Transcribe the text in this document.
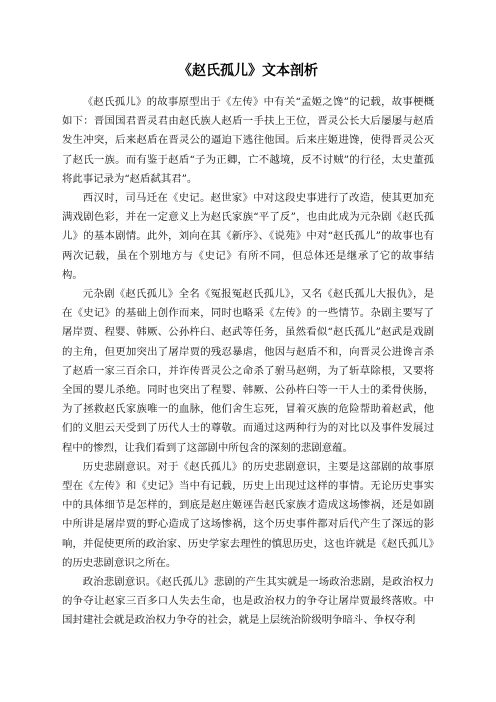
《赵氏孤儿》文本剖析

《赵氏孤儿》的故事原型出于《左传》中有关“孟姬之馋”的记载，故事梗概如下：晋国国君晋灵君由赵氏族人赵盾一手扶上王位，晋灵公长大后屡屡与赵盾发生冲突，后来赵盾在晋灵公的逼迫下逃往他国。后来庄姬进馋，使得晋灵公灭了赵氏一族。而有鉴于赵盾“子为正卿，亡不越境，反不讨贼”的行径，太史董孤将此事记录为“赵盾弑其君”。

西汉时，司马迁在《史记。赵世家》中对这段史事进行了改造，使其更加充满戏剧色彩，并在一定意义上为赵氏家族“平了反”，也由此成为元杂剧《赵氏孤儿》的基本剧情。此外，刘向在其《新序》、《说苑》中对“赵氏孤儿”的故事也有两次记载，虽在个别地方与《史记》有所不同，但总体还是继承了它的故事结构。

元杂剧《赵氏孤儿》全名《冤报冤赵氏孤儿》，又名《赵氏孤儿大报仇》，是在《史记》的基础上创作而来，同时也略采《左传》的一些情节。杂剧主要写了屠岸贾、程婴、韩厥、公孙杵臼、赵武等任务，虽然看似“赵氏孤儿”赵武是戏剧的主角，但更加突出了屠岸贾的残忍暴虐，他因与赵盾不和，向晋灵公进谗言杀了赵盾一家三百余口，并诈传晋灵公之命杀了驸马赵朔，为了斩草除根，又要将全国的婴儿杀绝。同时也突出了程婴、韩厥、公孙杵臼等一干人士的柔骨侠肠，为了拯救赵氏家族唯一的血脉，他们舍生忘死，冒着灭族的危险帮助着赵武，他们的义胆云天受到了历代人士的尊敬。而通过这两种行为的对比以及事件发展过程中的惨烈，让我们看到了这部剧中所包含的深刻的悲剧意蕴。

历史悲剧意识。对于《赵氏孤儿》的历史悲剧意识，主要是这部剧的故事原型在《左传》和《史记》当中有记载，历史上出现过这样的事情。无论历史事实中的具体细节是怎样的，到底是赵庄姬诬告赵氏家族才造成这场惨祸，还是如剧中所讲是屠岸贾的野心造成了这场惨祸，这个历史事件都对后代产生了深远的影响，并促使更所的政治家、历史学家去理性的慎思历史，这也许就是《赵氏孤儿》的历史悲剧意识之所在。

政治悲剧意识。《赵氏孤儿》悲剧的产生其实就是一场政治悲剧，是政治权力的争夺让赵家三百多口人失去生命，也是政治权力的争夺让屠岸贾最终落败。中国封建社会就是政治权力争夺的社会，就是上层统治阶级明争暗斗、争权夺利
